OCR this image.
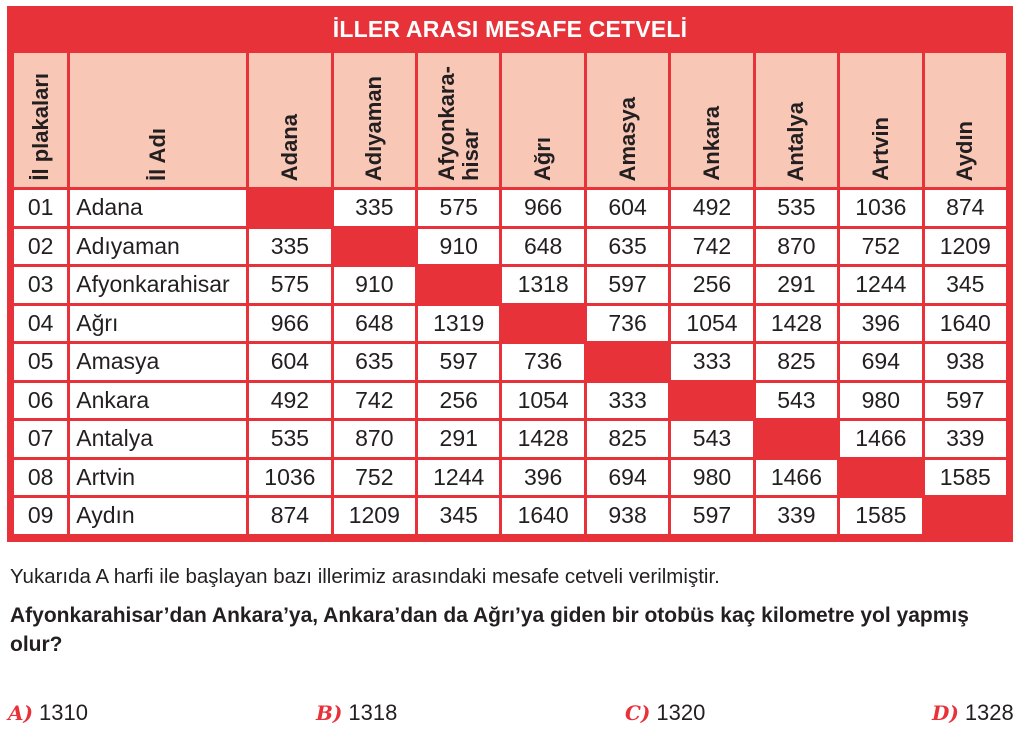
İLLER ARASI MESAFE CETVELİ
İl plakaları	İl Adı	Adana	Adıyaman	Afyonkara-
hisar	Ağrı	Amasya	Ankara	Antalya	Artvin	Aydın

01	Adana		335	575	966	604	492	535	1036	874
02	Adıyaman	335		910	648	635	742	870	752	1209
03	Afyonkarahisar	575	910		1318	597	256	291	1244	345
04	Ağrı	966	648	1319		736	1054	1428	396	1640
05	Amasya	604	635	597	736		333	825	694	938
06	Ankara	492	742	256	1054	333		543	980	597
07	Antalya	535	870	291	1428	825	543		1466	339
08	Artvin	1036	752	1244	396	694	980	1466		1585
09	Aydın	874	1209	345	1640	938	597	339	1585	

Yukarıda A harfi ile başlayan bazı illerimiz arasındaki mesafe cetveli verilmiştir.

Afyonkarahisar’dan Ankara’ya, Ankara’dan da Ağrı’ya giden bir otobüs kaç kilometre yol yapmış olur?

A) 1310	B) 1318	C) 1320	D) 1328
